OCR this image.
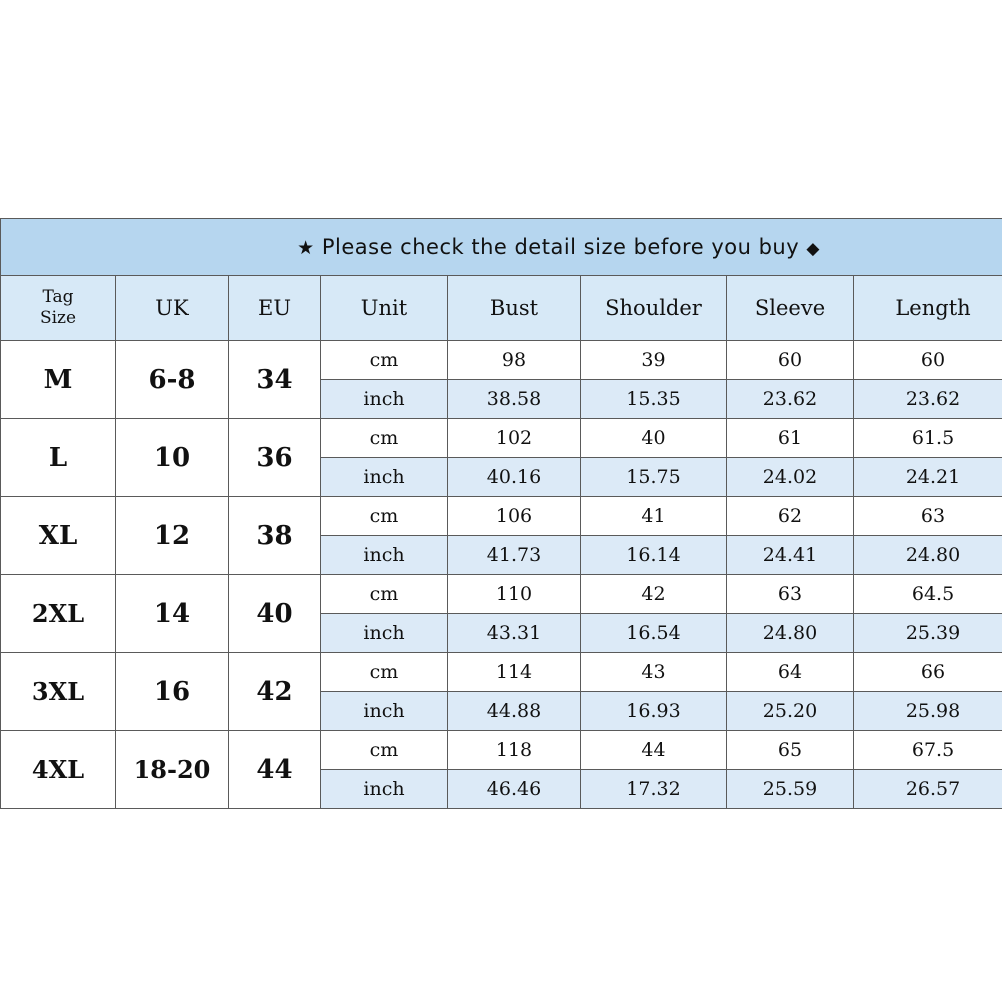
★ Please check the detail size before you buy ◆							

Tag
Size	UK	EU	Unit	Bust	Shoulder	Sleeve	Length
M	6-8	34	cm	98	39	60	60
			inch	38.58	15.35	23.62	23.62
L	10	36	cm	102	40	61	61.5
			inch	40.16	15.75	24.02	24.21
XL	12	38	cm	106	41	62	63
			inch	41.73	16.14	24.41	24.80
2XL	14	40	cm	110	42	63	64.5
			inch	43.31	16.54	24.80	25.39
3XL	16	42	cm	114	43	64	66
			inch	44.88	16.93	25.20	25.98
4XL	18-20	44	cm	118	44	65	67.5
			inch	46.46	17.32	25.59	26.57
